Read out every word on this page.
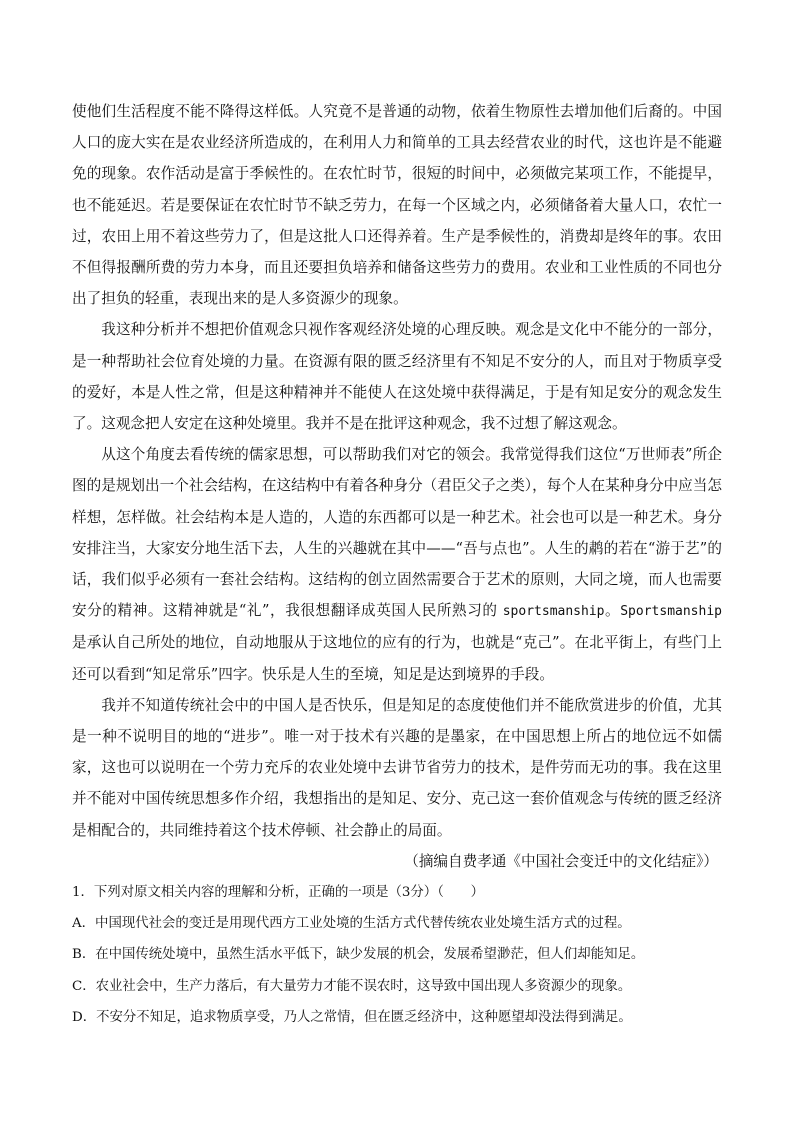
使他们生活程度不能不降得这样低。人究竟不是普通的动物，依着生物原性去增加他们后裔的。中国人口的庞大实在是农业经济所造成的，在利用人力和简单的工具去经营农业的时代，这也许是不能避免的现象。农作活动是富于季候性的。在农忙时节，很短的时间中，必须做完某项工作，不能提早，也不能延迟。若是要保证在农忙时节不缺乏劳力，在每一个区域之内，必须储备着大量人口，农忙一过，农田上用不着这些劳力了，但是这批人口还得养着。生产是季候性的，消费却是终年的事。农田不但得报酬所费的劳力本身，而且还要担负培养和储备这些劳力的费用。农业和工业性质的不同也分出了担负的轻重，表现出来的是人多资源少的现象。

我这种分析并不想把价值观念只视作客观经济处境的心理反映。观念是文化中不能分的一部分，是一种帮助社会位育处境的力量。在资源有限的匮乏经济里有不知足不安分的人，而且对于物质享受的爱好，本是人性之常，但是这种精神并不能使人在这处境中获得满足，于是有知足安分的观念发生了。这观念把人安定在这种处境里。我并不是在批评这种观念，我不过想了解这观念。

从这个角度去看传统的儒家思想，可以帮助我们对它的领会。我常觉得我们这位“万世师表”所企图的是规划出一个社会结构，在这结构中有着各种身分（君臣父子之类），每个人在某种身分中应当怎样想，怎样做。社会结构本是人造的，人造的东西都可以是一种艺术。社会也可以是一种艺术。身分安排注当，大家安分地生活下去，人生的兴趣就在其中——“吾与点也”。人生的鹔的若在“游于艺”的话，我们似乎必须有一套社会结构。这结构的创立固然需要合于艺术的原则，大同之境，而人也需要安分的精神。这精神就是“礼”，我很想翻译成英国人民所熟习的 sportsmanship。Sportsmanship 是承认自己所处的地位，自动地服从于这地位的应有的行为，也就是“克己”。在北平街上，有些门上还可以看到“知足常乐”四字。快乐是人生的至境，知足是达到境界的手段。

我并不知道传统社会中的中国人是否快乐，但是知足的态度使他们并不能欣赏进步的价值，尤其是一种不说明目的地的“进步”。唯一对于技术有兴趣的是墨家，在中国思想上所占的地位远不如儒家，这也可以说明在一个劳力充斥的农业处境中去讲节省劳力的技术，是件劳而无功的事。我在这里并不能对中国传统思想多作介绍，我想指出的是知足、安分、克己这一套价值观念与传统的匮乏经济是相配合的，共同维持着这个技术停顿、社会静止的局面。

（摘编自费孝通《中国社会变迁中的文化结症》）

1．下列对原文相关内容的理解和分析，正确的一项是（3分）（　　）

A．中国现代社会的变迁是用现代西方工业处境的生活方式代替传统农业处境生活方式的过程。

B．在中国传统处境中，虽然生活水平低下，缺少发展的机会，发展希望渺茫，但人们却能知足。

C．农业社会中，生产力落后，有大量劳力才能不误农时，这导致中国出现人多资源少的现象。

D．不安分不知足，追求物质享受，乃人之常情，但在匮乏经济中，这种愿望却没法得到满足。
